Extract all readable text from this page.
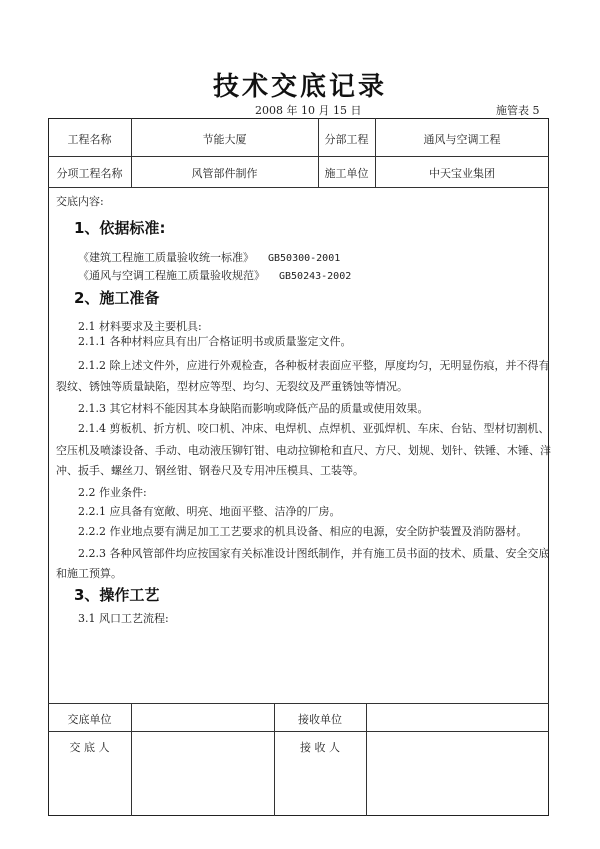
技术交底记录
2008 年 10 月 15 日	施管表 5
工程名称	节能大厦	分部工程	通风与空调工程
分项工程名称	风管部件制作	施工单位	中天宝业集团
交底内容:
1、依据标准:
《建筑工程施工质量验收统一标准》 GB50300-2001
《通风与空调工程施工质量验收规范》 GB50243-2002
2、施工准备
2.1 材料要求及主要机具:
2.1.1 各种材料应具有出厂合格证明书或质量鉴定文件。
2.1.2 除上述文件外，应进行外观检查，各种板材表面应平整，厚度均匀，无明显伤痕，并不得有
裂纹、锈蚀等质量缺陷，型材应等型、均匀、无裂纹及严重锈蚀等情况。
2.1.3 其它材料不能因其本身缺陷而影响或降低产品的质量或使用效果。
2.1.4 剪板机、折方机、咬口机、冲床、电焊机、点焊机、亚弧焊机、车床、台钻、型材切割机、
空压机及喷漆设备、手动、电动液压铆钉钳、电动拉铆枪和直尺、方尺、划规、划针、铁锤、木锤、洋
冲、扳手、螺丝刀、钢丝钳、钢卷尺及专用冲压模具、工装等。
2.2 作业条件:
2.2.1 应具备有宽敞、明亮、地面平整、洁净的厂房。
2.2.2 作业地点要有满足加工工艺要求的机具设备、相应的电源，安全防护装置及消防器材。
2.2.3 各种风管部件均应按国家有关标准设计图纸制作，并有施工员书面的技术、质量、安全交底
和施工预算。
3、操作工艺
3.1 风口工艺流程:
交底单位	接收单位
交 底 人	接 收 人
